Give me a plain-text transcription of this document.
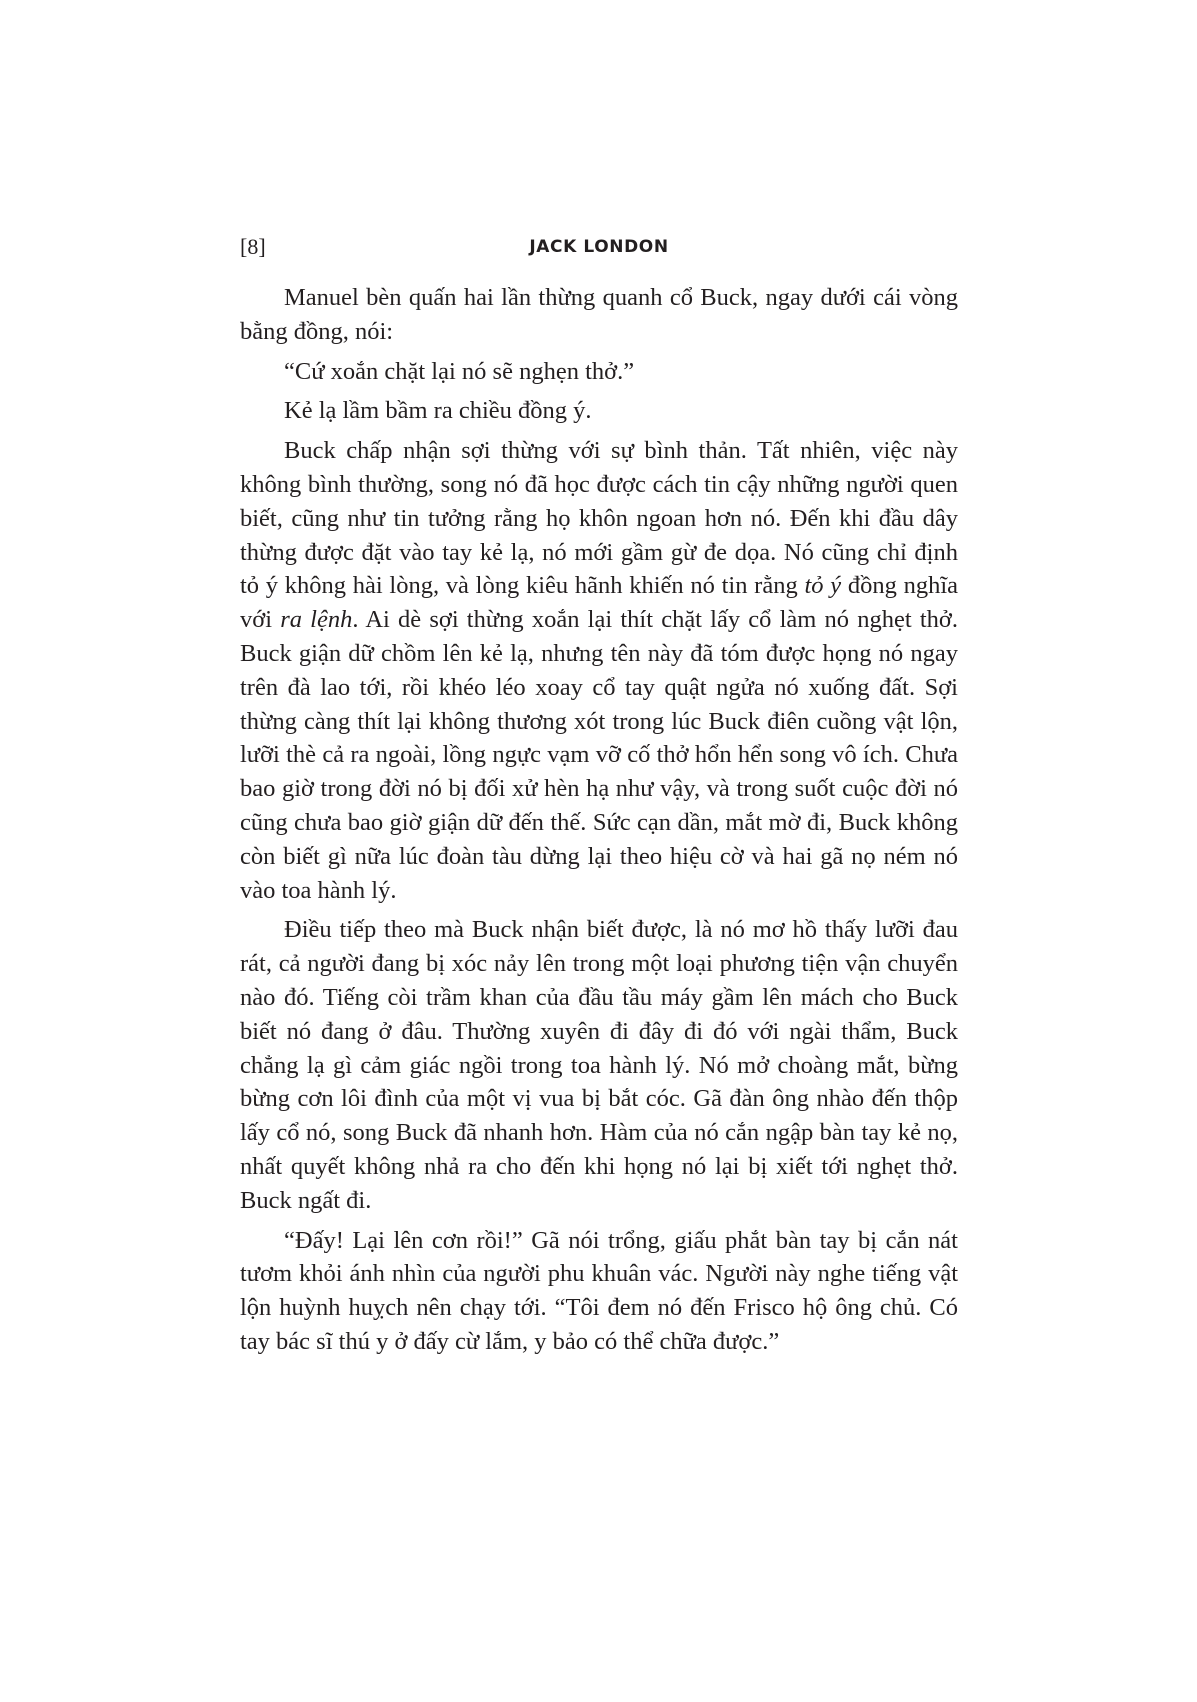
[8]	JACK LONDON

Manuel bèn quấn hai lần thừng quanh cổ Buck, ngay dưới cái vòng bằng đồng, nói:

“Cứ xoắn chặt lại nó sẽ nghẹn thở.”

Kẻ lạ lầm bầm ra chiều đồng ý.

Buck chấp nhận sợi thừng với sự bình thản. Tất nhiên, việc này không bình thường, song nó đã học được cách tin cậy những người quen biết, cũng như tin tưởng rằng họ khôn ngoan hơn nó. Đến khi đầu dây thừng được đặt vào tay kẻ lạ, nó mới gầm gừ đe dọa. Nó cũng chỉ định tỏ ý không hài lòng, và lòng kiêu hãnh khiến nó tin rằng tỏ ý đồng nghĩa với ra lệnh. Ai dè sợi thừng xoắn lại thít chặt lấy cổ làm nó nghẹt thở. Buck giận dữ chồm lên kẻ lạ, nhưng tên này đã tóm được họng nó ngay trên đà lao tới, rồi khéo léo xoay cổ tay quật ngửa nó xuống đất. Sợi thừng càng thít lại không thương xót trong lúc Buck điên cuồng vật lộn, lưỡi thè cả ra ngoài, lồng ngực vạm vỡ cố thở hổn hển song vô ích. Chưa bao giờ trong đời nó bị đối xử hèn hạ như vậy, và trong suốt cuộc đời nó cũng chưa bao giờ giận dữ đến thế. Sức cạn dần, mắt mờ đi, Buck không còn biết gì nữa lúc đoàn tàu dừng lại theo hiệu cờ và hai gã nọ ném nó vào toa hành lý.

Điều tiếp theo mà Buck nhận biết được, là nó mơ hồ thấy lưỡi đau rát, cả người đang bị xóc nảy lên trong một loại phương tiện vận chuyển nào đó. Tiếng còi trầm khan của đầu tầu máy gầm lên mách cho Buck biết nó đang ở đâu. Thường xuyên đi đây đi đó với ngài thẩm, Buck chẳng lạ gì cảm giác ngồi trong toa hành lý. Nó mở choàng mắt, bừng bừng cơn lôi đình của một vị vua bị bắt cóc. Gã đàn ông nhào đến thộp lấy cổ nó, song Buck đã nhanh hơn. Hàm của nó cắn ngập bàn tay kẻ nọ, nhất quyết không nhả ra cho đến khi họng nó lại bị xiết tới nghẹt thở. Buck ngất đi.

“Đấy! Lại lên cơn rồi!” Gã nói trổng, giấu phắt bàn tay bị cắn nát tươm khỏi ánh nhìn của người phu khuân vác. Người này nghe tiếng vật lộn huỳnh huỵch nên chạy tới. “Tôi đem nó đến Frisco hộ ông chủ. Có tay bác sĩ thú y ở đấy cừ lắm, y bảo có thể chữa được.”
